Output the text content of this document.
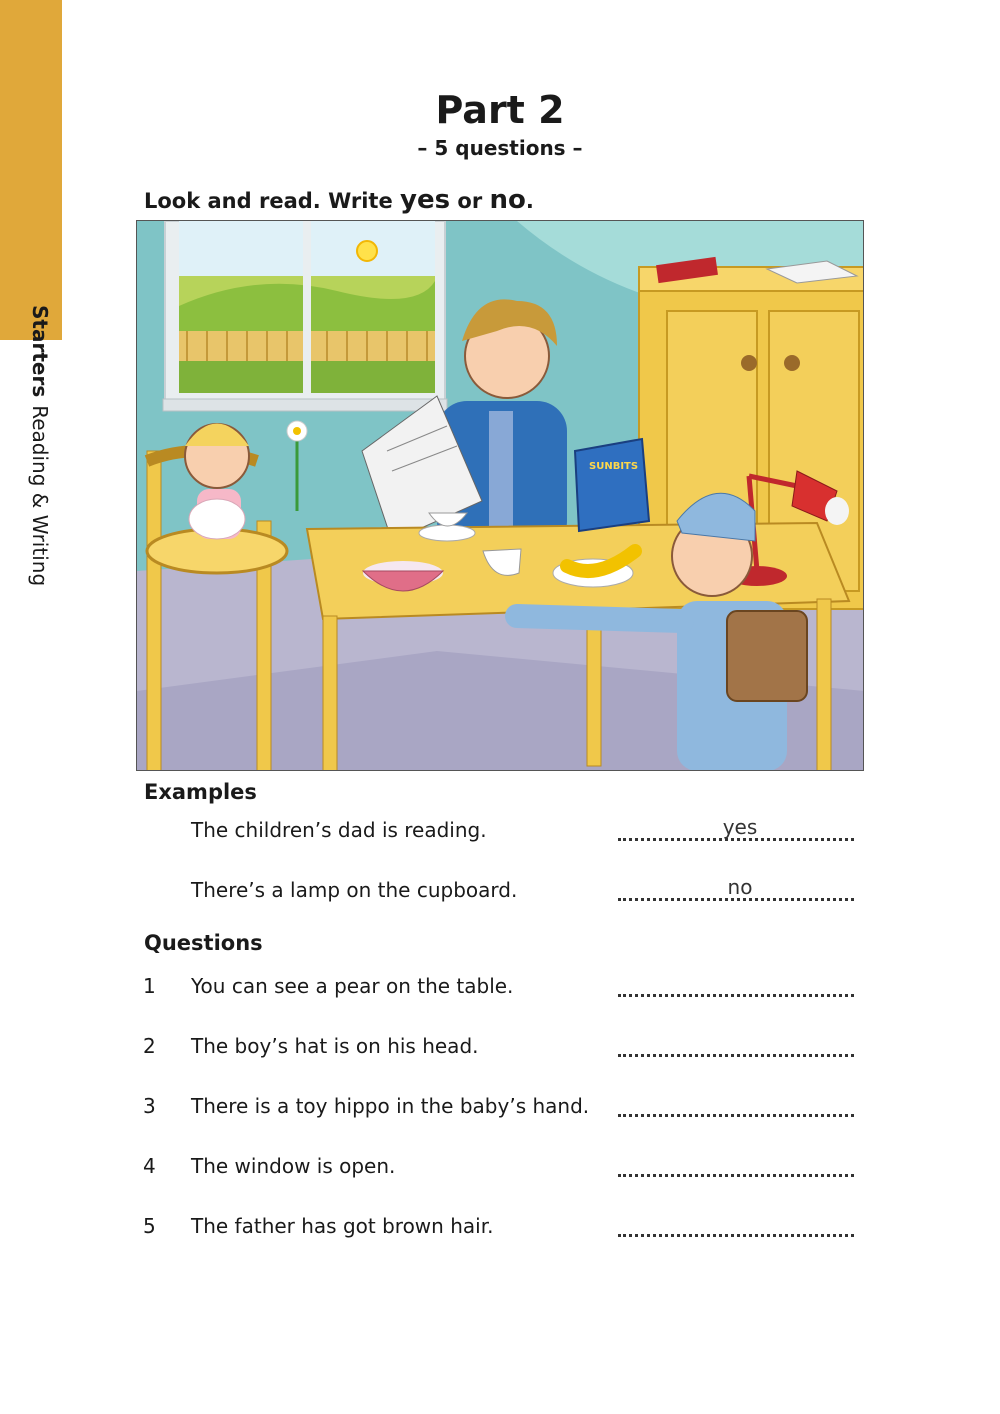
StartersReading & Writing
Part 2
– 5 questions –
Look and read. Write yes or no.
SUNBITS
Examples
The children’s dad is reading.	yes
There’s a lamp on the cupboard.	no
Questions
1 You can see a pear on the table.
2 The boy’s hat is on his head.
3 There is a toy hippo in the baby’s hand.
4 The window is open.
5 The father has got brown hair.
